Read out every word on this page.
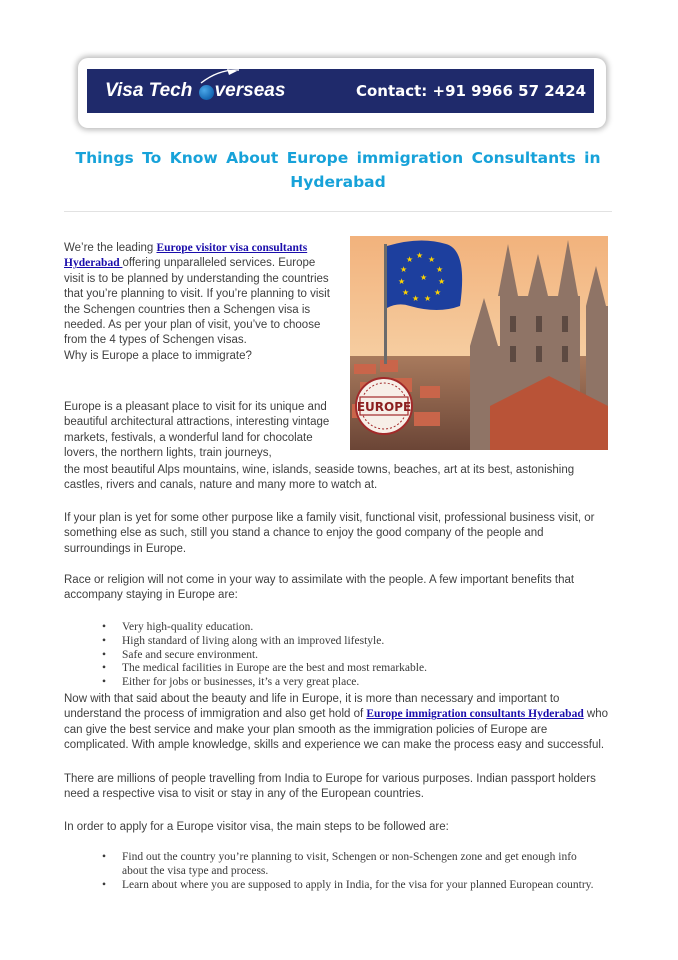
Visa
Tech
verseas	Contact: +91 9966 57 2424
Things To Know About Europe immigration Consultants in Hyderabad
★ ★
★
★
★
★
★
★
★
★
★
★
EUROPE
We’re the leading Europe visitor visa consultants Hyderabad offering unparalleled services. Europe visit is to be planned by understanding the countries that you’re planning to visit. If you’re planning to visit the Schengen countries then a Schengen visa is needed. As per your plan of visit, you’ve to choose from the 4 types of Schengen visas.
Why is Europe a place to immigrate?
Europe is a pleasant place to visit for its unique and beautiful architectural attractions, interesting vintage markets, festivals, a wonderful land for chocolate lovers, the northern lights, train journeys,
the most beautiful Alps mountains, wine, islands, seaside towns, beaches, art at its best, astonishing castles, rivers and canals, nature and many more to watch at.
If your plan is yet for some other purpose like a family visit, functional visit, professional business visit, or something else as such, still you stand a chance to enjoy the good company of the people and surroundings in Europe.
Race or religion will not come in your way to assimilate with the people. A few important benefits that accompany staying in Europe are:
• Very high-quality education.
• High standard of living along with an improved lifestyle.
• Safe and secure environment.
• The medical facilities in Europe are the best and most remarkable.
• Either for jobs or businesses, it’s a very great place.
Now with that said about the beauty and life in Europe, it is more than necessary and important to understand the process of immigration and also get hold of Europe immigration consultants Hyderabad who can give the best service and make your plan smooth as the immigration policies of Europe are complicated. With ample knowledge, skills and experience we can make the process easy and successful.
There are millions of people travelling from India to Europe for various purposes. Indian passport holders need a respective visa to visit or stay in any of the European countries.
In order to apply for a Europe visitor visa, the main steps to be followed are:
• Find out the country you’re planning to visit, Schengen or non-Schengen zone and get enough info about the visa type and process.
• Learn about where you are supposed to apply in India, for the visa for your planned European country.
